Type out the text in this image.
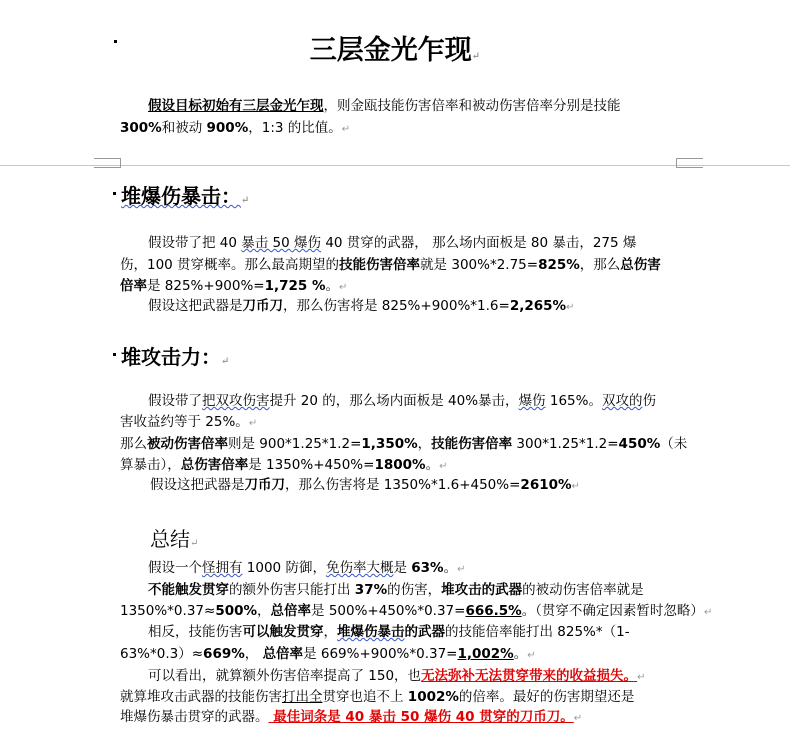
三层金光乍现↵
堆爆伤暴击：↵
堆攻击力：↵
总结↵
假设目标初始有三层金光乍现，则金瓯技能伤害倍率和被动伤害倍率分别是技能
300%和被动 900%，1:3 的比值。↵
假设带了把 40 暴击 50 爆伤 40 贯穿的武器， 那么场内面板是 80 暴击，275 爆
伤，100 贯穿概率。那么最高期望的技能伤害倍率就是 300%*2.75=825%，那么总伤害
倍率是 825%+900%=1,725 %。↵
假设这把武器是刀币刀，那么伤害将是 825%+900%*1.6=2,265%↵
假设带了把双攻伤害提升 20 的，那么场内面板是 40%暴击，爆伤 165%。双攻的伤
害收益约等于 25%。↵
那么被动伤害倍率则是 900*1.25*1.2=1,350%，技能伤害倍率 300*1.25*1.2=450%（未
算暴击），总伤害倍率是 1350%+450%=1800%。↵
假设这把武器是刀币刀，那么伤害将是 1350%*1.6+450%=2610%↵
假设一个怪拥有 1000 防御，免伤率大概是 63%。↵
不能触发贯穿的额外伤害只能打出 37%的伤害，堆攻击的武器的被动伤害倍率就是
1350%*0.37≈500%，总倍率是 500%+450%*0.37=666.5%。（贯穿不确定因素暂时忽略）↵
相反，技能伤害可以触发贯穿，堆爆伤暴击的武器的技能倍率能打出 825%*（1-
63%*0.3）≈669%， 总倍率是 669%+900%*0.37=1,002%。↵
可以看出，就算额外伤害倍率提高了 150，也无法弥补无法贯穿带来的收益损失。↵
就算堆攻击武器的技能伤害打出全贯穿也追不上 1002%的倍率。最好的伤害期望还是
堆爆伤暴击贯穿的武器。 最佳词条是 40 暴击 50 爆伤 40 贯穿的刀币刀。↵
